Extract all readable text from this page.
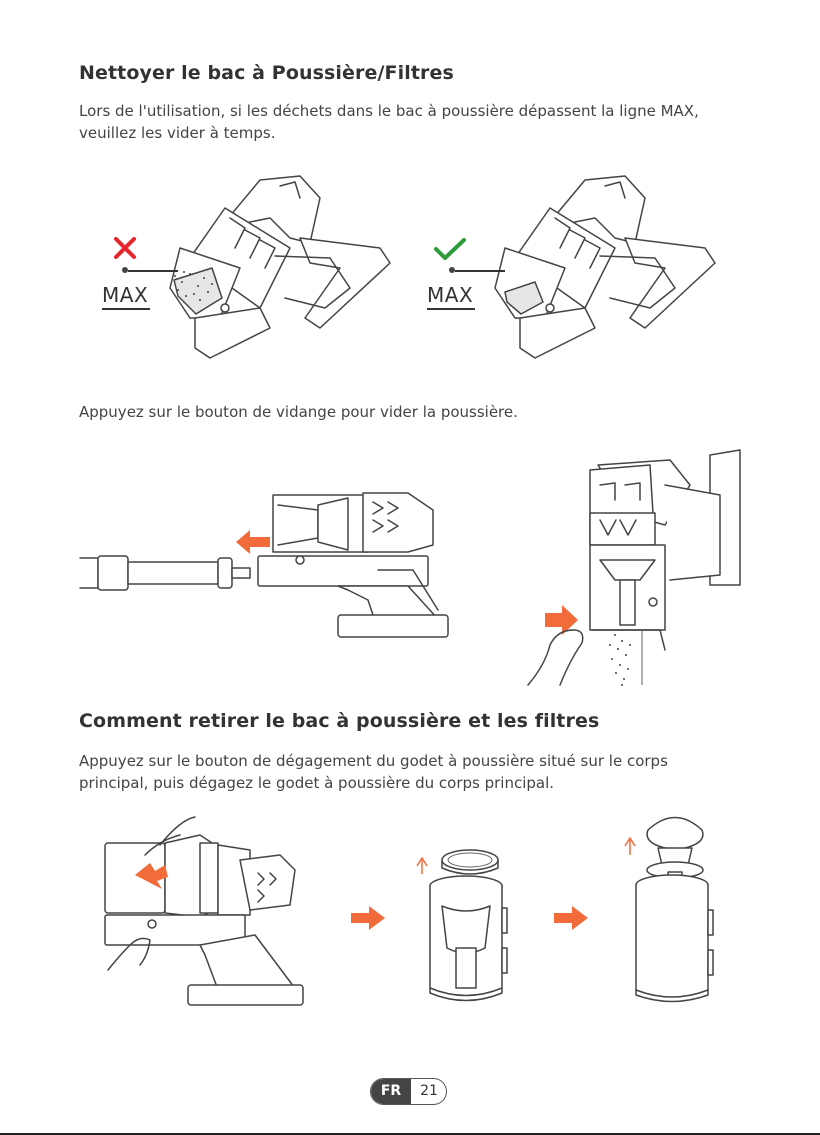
Nettoyer le bac à Poussière/Filtres

Lors de l'utilisation, si les déchets dans le bac à poussière dépassent la ligne MAX, veuillez les vider à temps.

MAX	MAX

Appuyez sur le bouton de vidange pour vider la poussière.

Comment retirer le bac à poussière et les filtres

Appuyez sur le bouton de dégagement du godet à poussière situé sur le corps principal, puis dégagez le godet à poussière du corps principal.

FR	21
